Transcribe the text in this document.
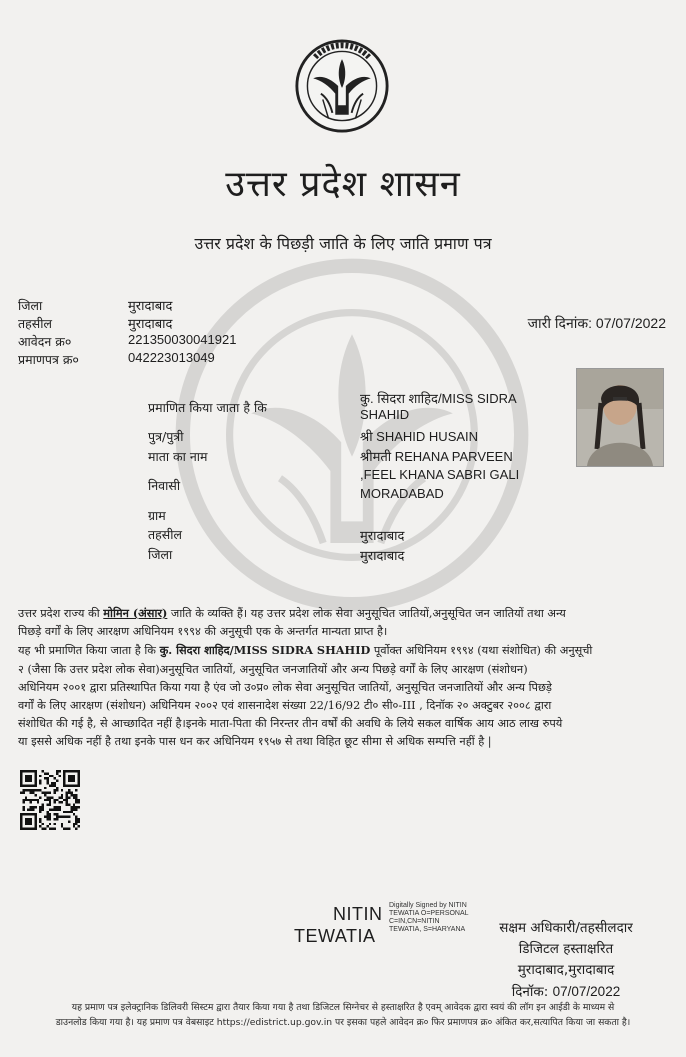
उत्तर प्रदेश शासन
उत्तर प्रदेश के पिछड़ी जाति के लिए जाति प्रमाण पत्र
जिला	मुरादाबाद
तहसील	मुरादाबाद
आवेदन क्र०	221350030041921
प्रमाणपत्र क्र०	042223013049
जारी दिनांक: 07/07/2022
प्रमाणित किया जाता है कि
कु. सिदरा शाहिद/MISS SIDRA
SHAHID
पुत्र/पुत्री	श्री SHAHID HUSAIN
माता का नाम	श्रीमती REHANA PARVEEN
निवासी
,FEEL KHANA SABRI GALI
MORADABAD
ग्राम
तहसील	मुरादाबाद
जिला	मुरादाबाद
उत्तर प्रदेश राज्य की मोमिन (अंसार) जाति के व्यक्ति हैं। यह उत्तर प्रदेश लोक सेवा अनुसूचित जातियों,अनुसूचित जन जातियों तथा अन्य
पिछड़े वर्गों के लिए आरक्षण अधिनियम १९९४ की अनुसूची एक के अन्तर्गत मान्यता प्राप्त है।
यह भी प्रमाणित किया जाता है कि कु. सिदरा शाहिद/MISS SIDRA SHAHID पूर्वोक्त अधिनियम १९९४ (यथा संशोधित) की अनुसूची
२ (जैसा कि उत्तर प्रदेश लोक सेवा)अनुसूचित जातियों, अनुसूचित जनजातियों और अन्य पिछड़े वर्गों के लिए आरक्षण (संशोधन)
अधिनियम २००१ द्वारा प्रतिस्थापित किया गया है एंव जो उ०प्र० लोक सेवा अनुसूचित जातियों, अनुसूचित जनजातियों और अन्य पिछड़े
वर्गों के लिए आरक्षण (संशोधन) अधिनियम २००२ एवं शासनादेश संख्या 22/16/92 टी० सी०-III , दिनॉक २० अक्टुबर २००८ द्वारा
संशोधित की गई है, से आच्छादित नहीं है।इनके माता-पिता की निरन्तर तीन वर्षों की अवधि के लिये सकल वार्षिक आय आठ लाख रुपये
या इससे अधिक नहीं है तथा इनके पास धन कर अधिनियम १९५७ से तथा विहित छूट सीमा से अधिक सम्पत्ति नहीं है |
NITIN
TEWATIA
Digitally Signed by NITIN
TEWATIA O=PERSONAL
C=IN,CN=NITIN
TEWATIA, S=HARYANA	सक्षम अधिकारी/तहसीलदार
डिजिटल हस्ताक्षरित
मुरादाबाद,मुरादाबाद
दिनॉक: 07/07/2022
यह प्रमाण पत्र इलेक्ट्रानिक डिलिवरी सिस्टम द्वारा तैयार किया गया है तथा डिजिटल सिग्नेचर से हस्ताक्षरित है एवम् आवेदक द्वारा स्वयं की लॉग इन आई‌डी के माध्यम से
डाउनलोड किया गया है। यह प्रमाण पत्र वेबसाइट https://edistrict.up.gov.in पर इसका पहले आवेदन क्र० फिर प्रमाणपत्र क्र० अंकित कर,सत्यापित किया जा सकता है।
